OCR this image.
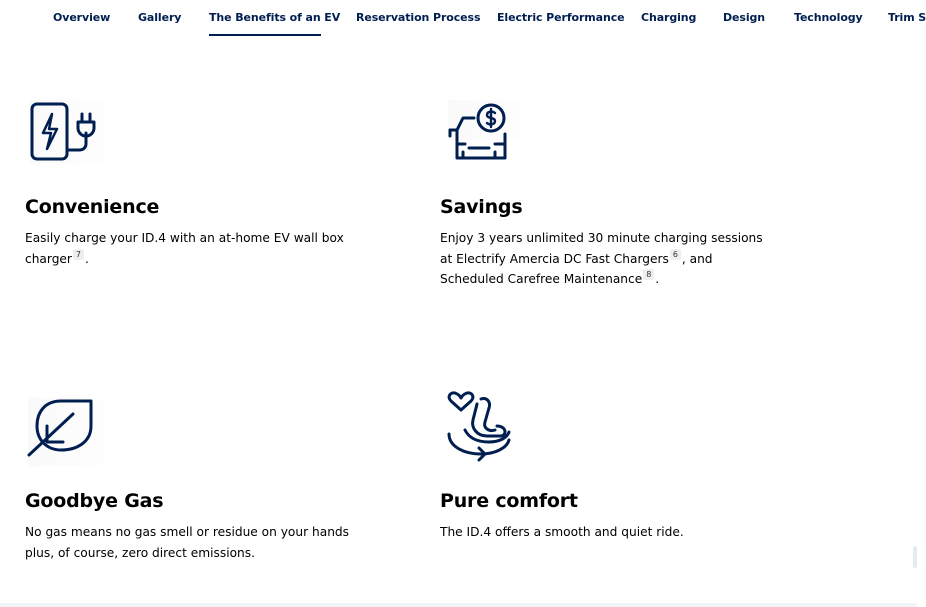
Overview	Gallery	The Benefits of an EV Reservation Process Electric Performance Charging Design	Technology Trim S
Convenience

Easily charge your ID.4 with an at-home EV wall box charger 7 .

Savings

Enjoy 3 years unlimited 30 minute charging sessions at Electrify Amercia DC Fast Chargers 6 , and Scheduled Carefree Maintenance 8 .

Goodbye Gas

No gas means no gas smell or residue on your hands plus, of course, zero direct emissions.

Pure comfort

The ID.4 offers a smooth and quiet ride.
